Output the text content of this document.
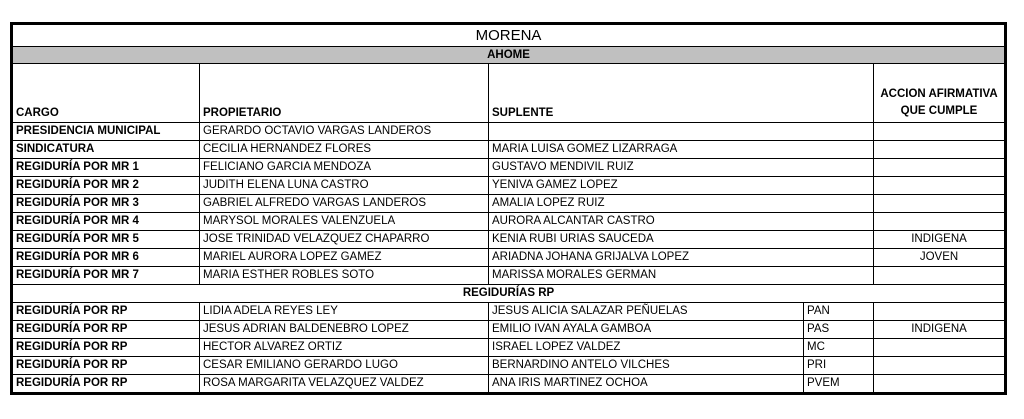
MORENA				
AHOME				
CARGO	PROPIETARIO	SUPLENTE		ACCION AFIRMATIVA QUE CUMPLE
PRESIDENCIA MUNICIPAL	GERARDO OCTAVIO VARGAS LANDEROS			
SINDICATURA	CECILIA HERNANDEZ FLORES	MARIA LUISA GOMEZ LIZARRAGA		
REGIDURÍA POR MR 1	FELICIANO GARCIA MENDOZA	GUSTAVO MENDIVIL RUIZ		
REGIDURÍA POR MR 2	JUDITH ELENA LUNA CASTRO	YENIVA GAMEZ LOPEZ		
REGIDURÍA POR MR 3	GABRIEL ALFREDO VARGAS LANDEROS	AMALIA LOPEZ RUIZ		
REGIDURÍA POR MR 4	MARYSOL MORALES VALENZUELA	AURORA ALCANTAR CASTRO		
REGIDURÍA POR MR 5	JOSE TRINIDAD VELAZQUEZ CHAPARRO	KENIA RUBI URIAS SAUCEDA		INDIGENA
REGIDURÍA POR MR 6	MARIEL AURORA LOPEZ GAMEZ	ARIADNA JOHANA GRIJALVA LOPEZ		JOVEN
REGIDURÍA POR MR 7	MARIA ESTHER ROBLES SOTO	MARISSA MORALES GERMAN		
REGIDURÍAS RP				
REGIDURÍA POR RP	LIDIA ADELA REYES LEY	JESUS ALICIA SALAZAR PEÑUELAS	PAN	
REGIDURÍA POR RP	JESUS ADRIAN BALDENEBRO LOPEZ	EMILIO IVAN AYALA GAMBOA	PAS	INDIGENA
REGIDURÍA POR RP	HECTOR ALVAREZ ORTIZ	ISRAEL LOPEZ VALDEZ	MC	
REGIDURÍA POR RP	CESAR EMILIANO GERARDO LUGO	BERNARDINO ANTELO VILCHES	PRI	
REGIDURÍA POR RP	ROSA MARGARITA VELAZQUEZ VALDEZ	ANA IRIS MARTINEZ OCHOA	PVEM	
